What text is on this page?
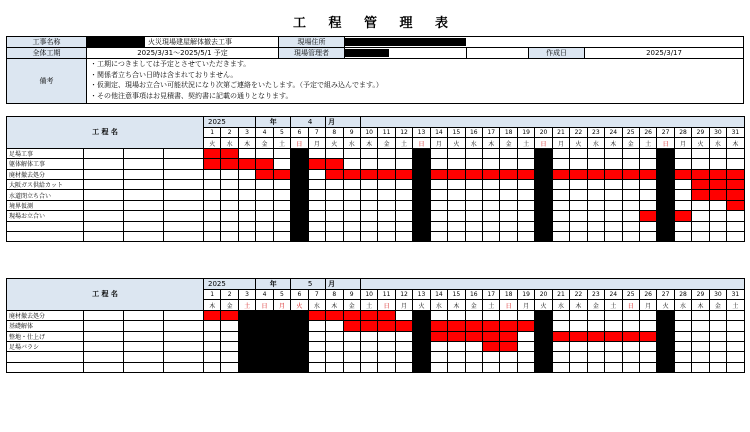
工 程 管 理 表
工事名称		火災現場建屋解体撤去工事	現場住所				

全体工期	2025/3/31～2025/5/1 予定		現場管理者			作成日	2025/3/17
備考	・工期につきましては予定とさせていただきます。
・関係者立ち合い日時は含まれておりません。
・仮測定、現場お立合い可能状況になり次第ご連絡をいたします。（予定で組み込んでます。）
・その他注意事項はお見積書、契約書に記載の通りとなります。						
工 程 名				2025			年		4		月																							
				1	2	3	4	5	6	7	8	9	10	11	12	13	14	15	16	17	18	19	20	21	22	23	24	25	26	27	28	29	30	31
				火	水	木	金	土	日	月	火	水	木	金	土	日	月	火	水	木	金	土	日	月	火	水	木	金	土	日	月	火	水	木
足場工事																																		
躯体解体工事																																		
廃材撤去処分																																		
大阪ガス供給カット																																		
水道閉立ち合い																																		
境界仮測																																		
現場お立合い																																		

工 程 名				2025			年		5		月																							
				1	2	3	4	5	6	7	8	9	10	11	12	13	14	15	16	17	18	19	20	21	22	23	24	25	26	27	28	29	30	31
				木	金	土	日	月	火	水	木	金	土	日	月	火	水	木	金	土	日	月	火	水	木	金	土	日	月	火	水	木	金	土
廃材撤去処分																																		
基礎解体																																		
整地・仕上げ																																		
足場バラシ																																		
